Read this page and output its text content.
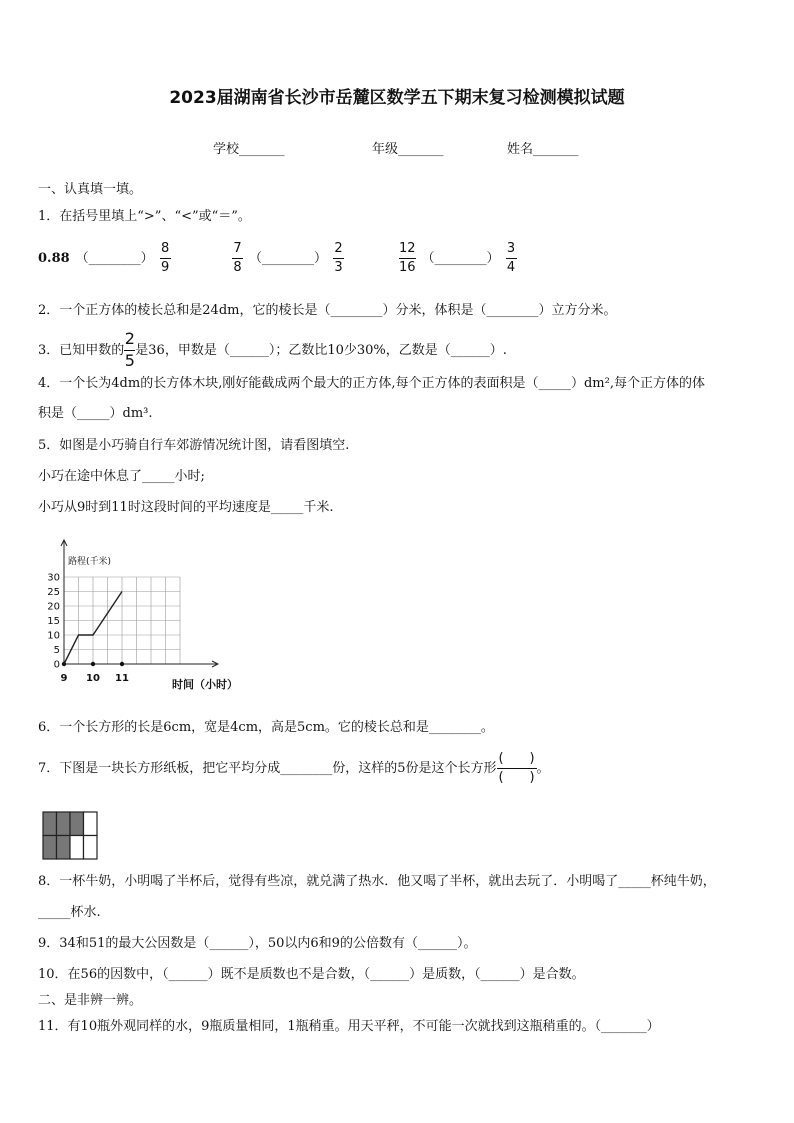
2023届湖南省长沙市岳麓区数学五下期末复习检测模拟试题
学校_______	年级_______	姓名_______
一、认真填一填。
1．在括号里填上“>”、“<”或“＝”。
0.88 （________） $\frac{8}{9}$	$\frac{7}{8}$ （________） $\frac{2}{3}$	$\frac{12}{16}$ （________） $\frac{3}{4}$
2．一个正方体的棱长总和是24dm，它的棱长是（________）分米，体积是（________）立方分米。
3．已知甲数的 $\frac{2}{5}$ 是36，甲数是（______）；乙数比10少30%，乙数是（______）.
4．一个长为4dm的长方体木块,刚好能截成两个最大的正方体,每个正方体的表面积是（_____）dm²,每个正方体的体
积是（_____）dm³.
5．如图是小巧骑自行车郊游情况统计图，请看图填空.
小巧在途中休息了_____小时;
小巧从9时到11时这段时间的平均速度是_____千米.
路程(千米)
30
25
20
15
10
5
0
9 10 11	时间（小时）
6．一个长方形的长是6cm，宽是4cm，高是5cm。它的棱长总和是________。
7．下图是一块长方形纸板，把它平均分成________份，这样的5份是这个长方形 $\frac{( )}{( )}$ 。
8．一杯牛奶，小明喝了半杯后，觉得有些凉，就兑满了热水．他又喝了半杯，就出去玩了．小明喝了_____杯纯牛奶，
_____杯水.
9．34和51的最大公因数是（______），50以内6和9的公倍数有（______）。
10．在56的因数中，（______）既不是质数也不是合数，（______）是质数，（______）是合数。
二、是非辨一辨。
11．有10瓶外观同样的水，9瓶质量相同，1瓶稍重。用天平秤，不可能一次就找到这瓶稍重的。（_______）
